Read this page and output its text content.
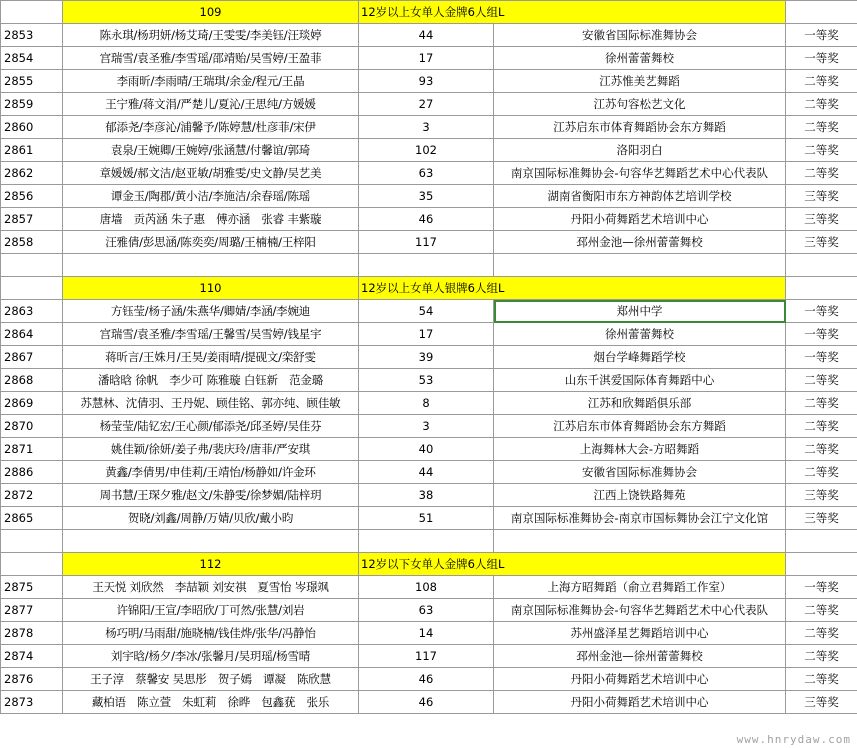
	109	12岁以上女单人金牌6人组L		
2853	陈永琪/杨玥妍/杨艾琦/王雯雯/李美钰/汪琰婷	44	安徽省国际标准舞协会	一等奖
2854	宫瑞雪/袁圣雅/李雪瑶/邵靖贻/吴雪婷/王盈菲	17	徐州蕾蕾舞校	一等奖
2855	李雨昕/李雨晴/王瑞琪/余金/程元/王晶	93	江苏惟美艺舞蹈	二等奖
2859	王宁雅/蒋文涓/严楚儿/夏沁/王思纯/方媛媛	27	江苏句容松艺文化	二等奖
2860	郁添尧/李彦沁/浦馨予/陈婷慧/杜彦菲/宋伊	3	江苏启东市体育舞蹈协会东方舞蹈	二等奖
2861	袁泉/王婉卿/王婉婷/张涵慧/付馨谊/郭琦	102	洛阳羽白	二等奖
2862	章媛媛/郝文洁/赵亚敏/胡雅雯/史文静/吴艺美	63	南京国际标准舞协会-句容华艺舞蹈艺术中心代表队	二等奖
2856	谭金玉/陶郡/黄小洁/李施洁/余春瑶/陈瑶	35	湖南省衡阳市东方神韵体艺培训学校	三等奖
2857	唐墙　贡芮涵 朱子惠　傅亦涵　张睿 丰紫璇	46	丹阳小荷舞蹈艺术培训中心	三等奖
2858	汪雅倩/彭思涵/陈奕奕/周璐/王楠楠/王梓阳	117	邳州金池—徐州蕾蕾舞校	三等奖

	110	12岁以上女单人银牌6人组L		
2863	方钰莹/杨子涵/朱燕华/卿婧/李涵/李婉迪	54	郑州中学	一等奖
2864	宫瑞雪/袁圣雅/李雪瑶/王馨雪/吴雪婷/钱星宇	17	徐州蕾蕾舞校	一等奖
2867	蒋昕言/王姝月/王昊/姜雨晴/提砚文/栾舒雯	39	烟台学峰舞蹈学校	一等奖
2868	潘晗晗 徐帆　李少可 陈雅璇 白钰新　范金璐	53	山东千淇爱国际体育舞蹈中心	二等奖
2869	苏慧林、沈倩羽、王丹妮、顾佳铭、郭亦纯、顾佳敏	8	江苏和欣舞蹈俱乐部	二等奖
2870	杨莹莹/陆钇宏/王心颜/郁添尧/邱圣婷/吴佳芬	3	江苏启东市体育舞蹈协会东方舞蹈	二等奖
2871	姚佳颖/徐妍/姜子弗/裴庆玲/唐菲/严安琪	40	上海舞林大会-方昭舞蹈	二等奖
2886	黄鑫/李倩男/申佳莉/王靖怡/杨静如/许金环	44	安徽省国际标准舞协会	二等奖
2872	周书慧/王琛夕雅/赵文/朱静雯/徐梦媚/陆梓玥	38	江西上饶铁路舞苑	三等奖
2865	贺晓/刘鑫/周静/万婧/贝欣/戴小昀	51	南京国际标准舞协会-南京市国标舞协会江宁文化馆	三等奖

	112	12岁以下女单人金牌6人组L		
2875	王天悦 刘欣然　李喆颖 刘安祺　夏雪怡 岑璟飒	108	上海方昭舞蹈（俞立君舞蹈工作室）	一等奖
2877	许锦阳/王宣/李昭欣/丁可然/张慧/刘岩	63	南京国际标准舞协会-句容华艺舞蹈艺术中心代表队	二等奖
2878	杨巧明/马雨甜/施晓楠/钱佳烨/张华/冯静怡	14	苏州盛泽星艺舞蹈培训中心	二等奖
2874	刘宇晗/杨夕/李冰/张馨月/吴玥瑶/杨雪晴	117	邳州金池—徐州蕾蕾舞校	二等奖
2876	王子淳　蔡馨安 吴思彤　贺子嫣　谭凝　陈欣慧	46	丹阳小荷舞蹈艺术培训中心	二等奖
2873	藏柏语　陈立萱　朱虹莉　徐晔　包鑫莸　张乐	46	丹阳小荷舞蹈艺术培训中心	三等奖
www.hnrydaw.com
